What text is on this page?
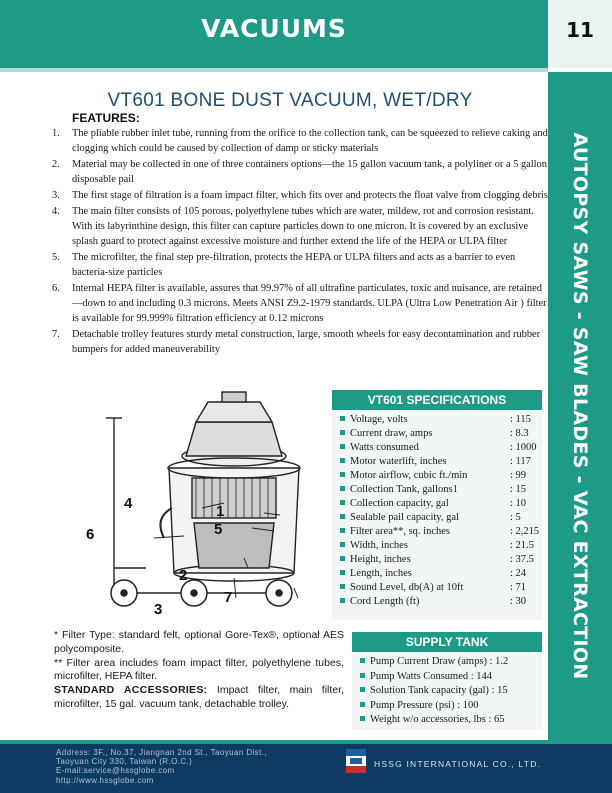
VACUUMS	11
AUTOPSY SAWS - SAW BLADES - VAC EXTRACTION
VT601 BONE DUST VACUUM, WET/DRY
FEATURES:
1. The pliable rubber inlet tube, running from the orifice to the collection tank, can be squeezed to relieve caking and clogging which could be caused by collection of damp or sticky materials
2. Material may be collected in one of three containers options—the 15 gallon vacuum tank, a polyliner or a 5 gallon disposable pail
3. The first stage of filtration is a foam impact filter, which fits over and protects the float valve from clogging debris
4. The main filter consists of 105 porous, polyethylene tubes which are water, mildew, rot and corrosion resistant. With its labyrinthine design, this filter can capture particles down to one micron. It is covered by an exclusive splash guard to protect against excessive moisture and further extend the life of the HEPA or ULPA filter
5. The microfilter, the final step pre-filtration, protects the HEPA or ULPA filters and acts as a barrier to even bacteria-size particles
6. Internal HEPA filter is available, assures that 99.97% of all ultrafine particulates, toxic and nuisance, are retained—down to and including 0.3 microns. Meets ANSI Z9.2-1979 standards. ULPA (Ultra Low Penetration Air ) filter is available for 99.999% filtration efficiency at 0.12 microns
7. Detachable trolley features sturdy metal construction, large, smooth wheels for easy decontamination and rubber bumpers for added maneuverability
4	1
5
6
2
7
3
VT601 SPECIFICATIONS
Voltage, volts	: 115
Current draw, amps	: 8.3
Watts consumed	: 1000
Motor waterlift, inches	: 117
Motor airflow, cubic ft./min	: 99
Collection Tank, gallons1	: 15
Collection capacity, gal	: 10
Sealable pail capacity, gal	: 5
Filter area**, sq. inches	: 2,215
Width, inches	: 21.5
Height, inches	: 37.5
Length, inches	: 24
Sound Level, db(A) at 10ft	: 71
Cord Length (ft)	: 30

* Filter Type: standard felt, optional Gore-Tex®, optional AES polycomposite.

** Filter area includes foam impact filter, polyethylene tubes, microfilter, HEPA filter.

STANDARD ACCESSORIES: Impact filter, main filter, microfilter, 15 gal. vacuum tank, detachable trolley.

SUPPLY TANK
Pump Current Draw (amps) : 1.2
Pump Watts Consumed : 144
Solution Tank capacity (gal) : 15
Pump Pressure (psi) : 100
Weight w/o accessories, lbs : 65
Address: 3F., No.37, Jiangnan 2nd St., Taoyuan Dist.,
Taoyuan City 330, Taiwan (R.O.C.)
E-mail:service@hssglobe.com
http://www.hssglobe.com
HSSG INTERNATIONAL CO., LTD.
